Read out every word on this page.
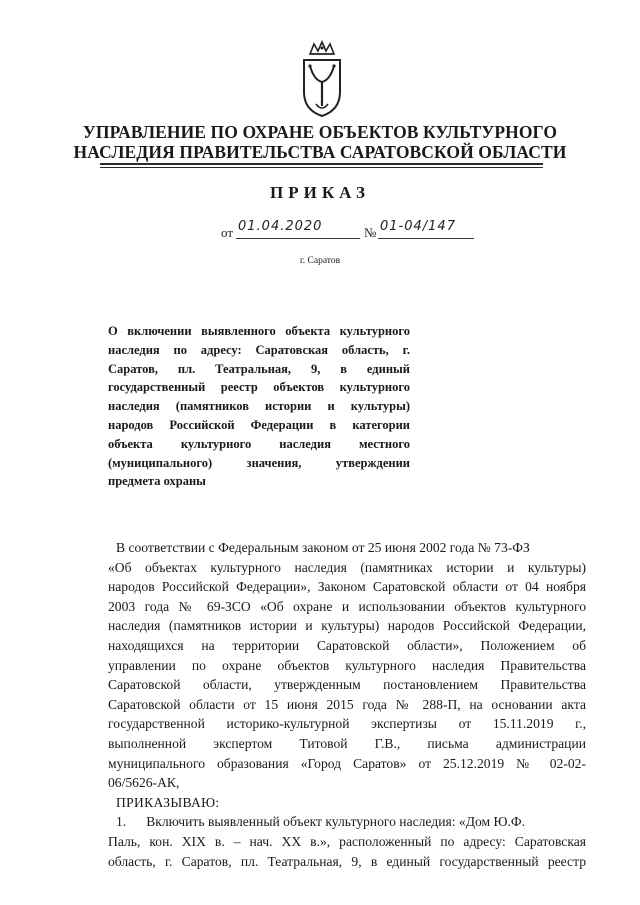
УПРАВЛЕНИЕ ПО ОХРАНЕ ОБЪЕКТОВ КУЛЬТУРНОГО
НАСЛЕДИЯ ПРАВИТЕЛЬСТВА САРАТОВСКОЙ ОБЛАСТИ
ПРИКАЗ
от 01.04.2020	№ 01-04/147
г. Саратов
О включении выявленного объекта культурного
наследия по адресу: Саратовская область, г.
Саратов, пл. Театральная, 9, в единый
государственный реестр объектов культурного
наследия (памятников истории и культуры)
народов Российской Федерации в категории
объекта культурного наследия местного
(муниципального) значения, утверждении
предмета охраны
В соответствии с Федеральным законом от 25 июня 2002 года № 73-ФЗ
«Об объектах культурного наследия (памятниках истории и культуры)
народов Российской Федерации», Законом Саратовской области от 04 ноября
2003 года № 69-ЗСО «Об охране и использовании объектов культурного
наследия (памятников истории и культуры) народов Российской Федерации,
находящихся на территории Саратовской области», Положением об
управлении по охране объектов культурного наследия Правительства
Саратовской области, утвержденным постановлением Правительства
Саратовской области от 15 июня 2015 года № 288-П, на основании акта
государственной историко-культурной экспертизы от 15.11.2019 г.,
выполненной экспертом Титовой Г.В., письма администрации
муниципального образования «Город Саратов» от 25.12.2019 № 02-02-
06/5626-АК,
ПРИКАЗЫВАЮ:
1. Включить выявленный объект культурного наследия: «Дом Ю.Ф.
Паль, кон. XIX в. – нач. XX в.», расположенный по адресу: Саратовская
область, г. Саратов, пл. Театральная, 9, в единый государственный реестр
